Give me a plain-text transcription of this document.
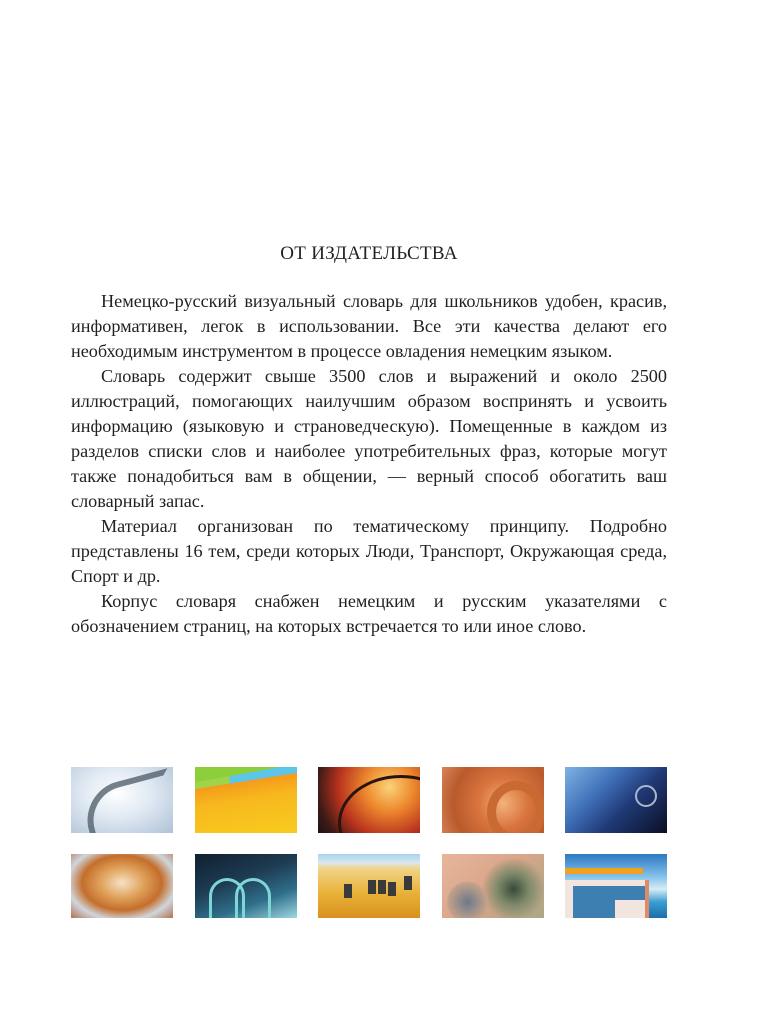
ОТ ИЗДАТЕЛЬСТВА

Немецко-русский визуальный словарь для школьников удобен, красив, информативен, легок в использовании. Все эти качества делают его необходимым инструментом в процессе овладения немецким языком.

Словарь содержит свыше 3500 слов и выражений и около 2500 иллюстраций, помогающих наилучшим образом воспринять и усвоить информацию (языковую и страноведческую). Помещенные в каждом из разделов списки слов и наиболее употребительных фраз, которые могут также понадобиться вам в общении, — верный способ обогатить ваш словарный запас.

Материал организован по тематическому принципу. Подробно представлены 16 тем, среди которых Люди, Транспорт, Окружающая среда, Спорт и др.

Корпус словаря снабжен немецким и русским указателями с обозначением страниц, на которых встречается то или иное слово.
